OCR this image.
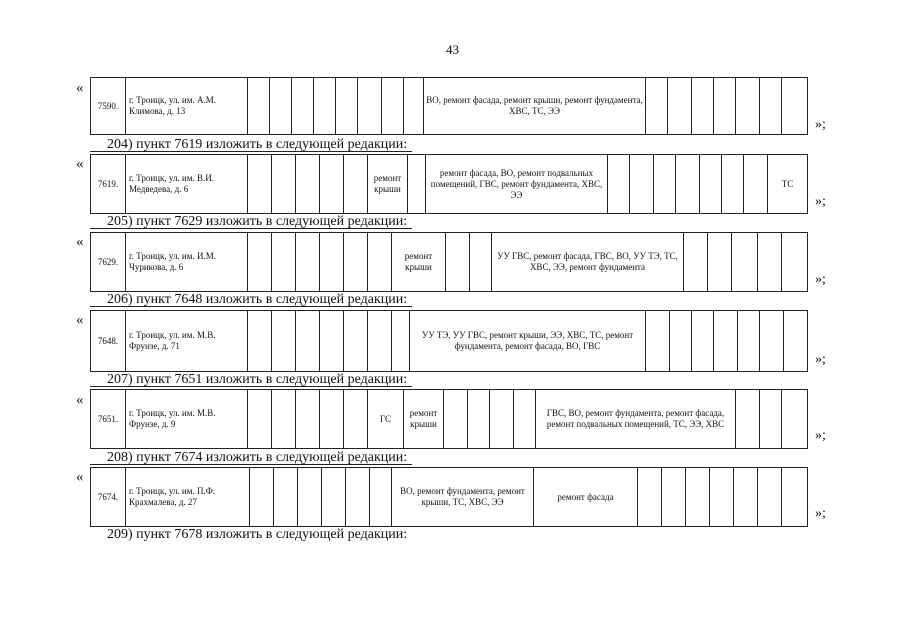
43
«
7590.
г. Троицк, ул. им. А.М. Климова, д. 13
ВО, ремонт фасада, ремонт крыши, ремонт фундамента, ХВС, ТС, ЭЭ
»;
204) пункт 7619 изложить в следующей редакции:
«
7619.
г. Троицк, ул. им. В.И. Медведева, д. 6
ремонт крыши
ремонт фасада, ВО, ремонт подвальных помещений, ГВС, ремонт фундамента, ХВС, ЭЭ
ТС
»;
205) пункт 7629 изложить в следующей редакции:
«
7629.
г. Троицк, ул. им. И.М. Чурикова, д. 6
ремонт крыши
УУ ГВС, ремонт фасада, ГВС, ВО, УУ ТЭ, ТС, ХВС, ЭЭ, ремонт фундамента
»;
206) пункт 7648 изложить в следующей редакции:
«
7648.
г. Троицк, ул. им. М.В. Фрунзе, д. 71
УУ ТЭ, УУ ГВС, ремонт крыши, ЭЭ, ХВС, ТС, ремонт фундамента, ремонт фасада, ВО, ГВС
»;
207) пункт 7651 изложить в следующей редакции:
«
7651.
г. Троицк, ул. им. М.В. Фрунзе, д. 9
ГС
ремонт крыши
ГВС, ВО, ремонт фундамента, ремонт фасада, ремонт подвальных помещений, ТС, ЭЭ, ХВС
»;
208) пункт 7674 изложить в следующей редакции:
«
7674.
г. Троицк, ул. им. П.Ф. Крахмалева, д. 27
ВО, ремонт фундамента, ремонт крыши, ТС, ХВС, ЭЭ
ремонт фасада
»;
209) пункт 7678 изложить в следующей редакции:
